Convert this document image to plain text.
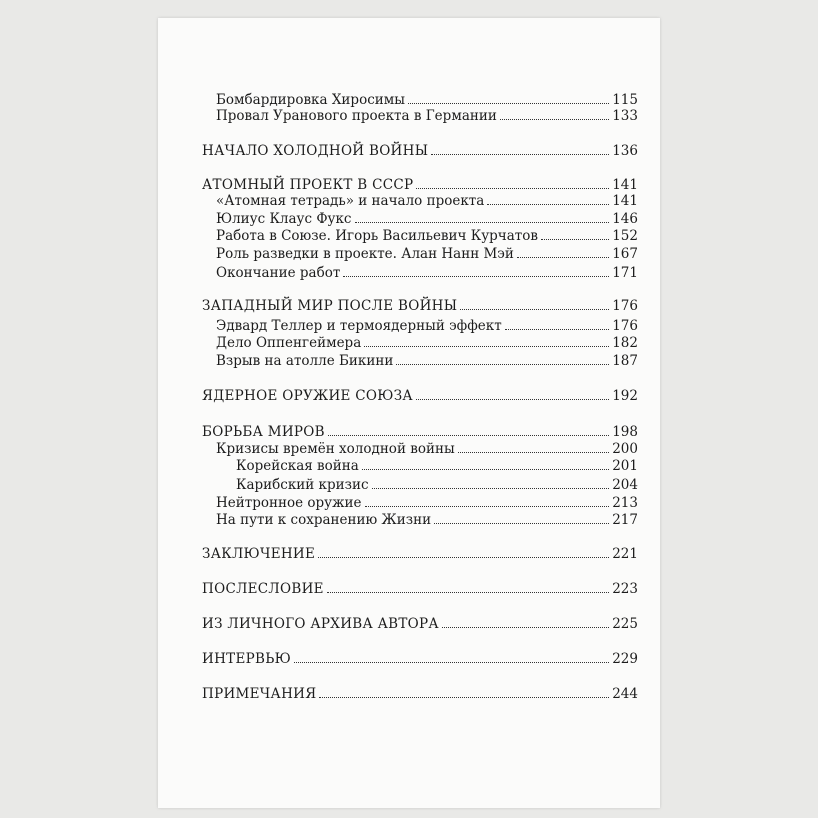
Бомбардировка Хиросимы	115
Провал Уранового проекта в Германии	133
НАЧАЛО ХОЛОДНОЙ ВОЙНЫ	136
АТОМНЫЙ ПРОЕКТ В СССР	141
«Атомная тетрадь» и начало проекта	141
Юлиус Клаус Фукс	146
Работа в Союзе. Игорь Васильевич Курчатов	152
Роль разведки в проекте. Алан Нанн Мэй	167
Окончание работ	171
ЗАПАДНЫЙ МИР ПОСЛЕ ВОЙНЫ	176
Эдвард Теллер и термоядерный эффект	176
Дело Оппенгеймера	182
Взрыв на атолле Бикини	187
ЯДЕРНОЕ ОРУЖИЕ СОЮЗА	192
БОРЬБА МИРОВ	198
Кризисы времён холодной войны	200
Корейская война	201
Карибский кризис	204
Нейтронное оружие	213
На пути к сохранению Жизни	217
ЗАКЛЮЧЕНИЕ	221
ПОСЛЕСЛОВИЕ	223
ИЗ ЛИЧНОГО АРХИВА АВТОРА	225
ИНТЕРВЬЮ	229
ПРИМЕЧАНИЯ	244
